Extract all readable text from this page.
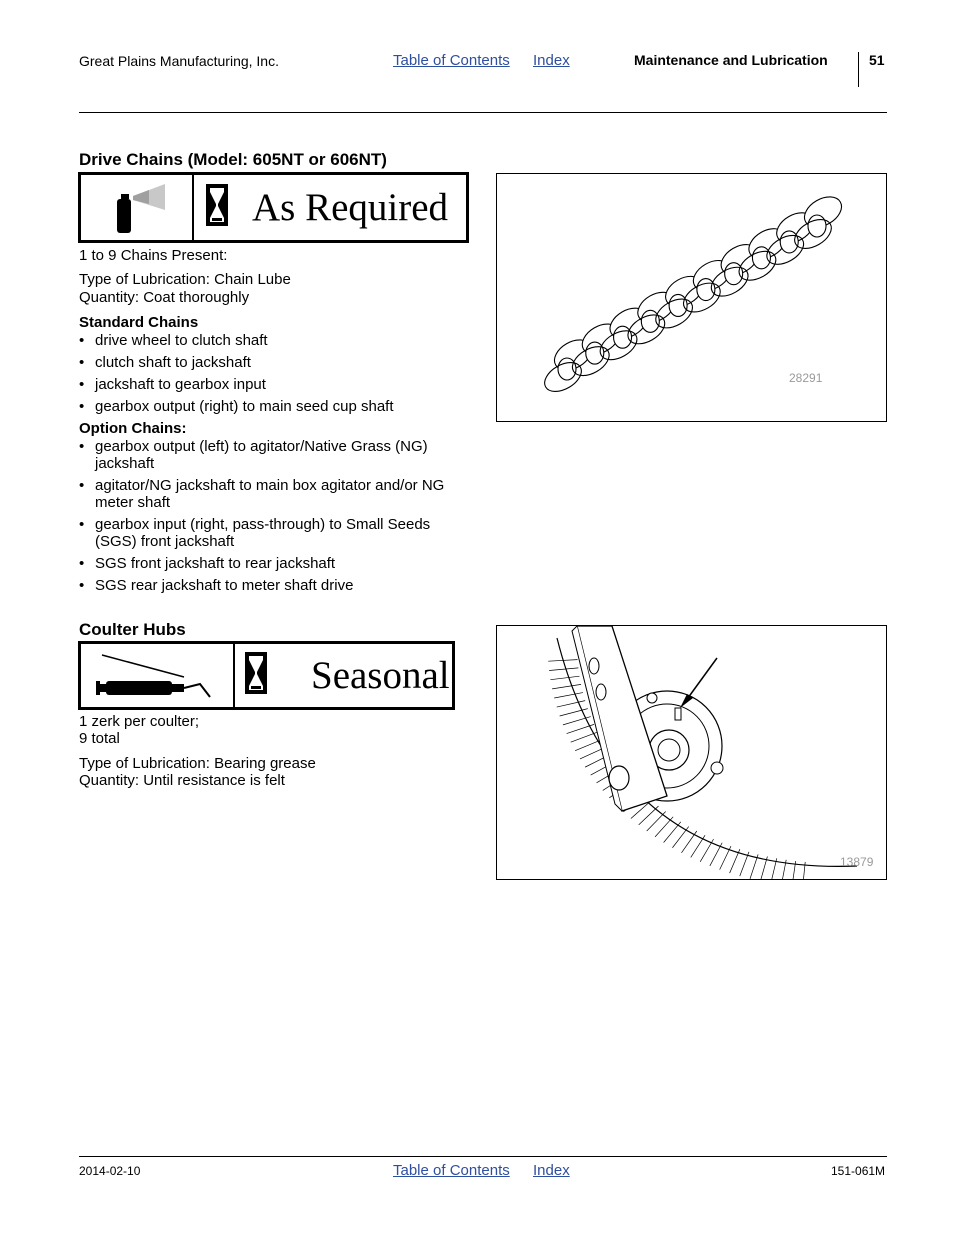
Great Plains Manufacturing, Inc.	Table of Contents Index	Maintenance and Lubrication	51
Drive Chains (Model: 605NT or 606NT)
As Required
1 to 9 Chains Present:
Type of Lubrication: Chain Lube
Quantity: Coat thoroughly
Standard Chains
• drive wheel to clutch shaft
• clutch shaft to jackshaft
• jackshaft to gearbox input
• gearbox output (right) to main seed cup shaft
Option Chains:
• gearbox output (left) to agitator/Native Grass (NG) jackshaft
• agitator/NG jackshaft to main box agitator and/or NG meter shaft
• gearbox input (right, pass-through) to Small Seeds (SGS) front jackshaft
• SGS front jackshaft to rear jackshaft
• SGS rear jackshaft to meter shaft drive
28291
Coulter Hubs
Seasonal
1 zerk per coulter;
9 total
Type of Lubrication: Bearing grease
Quantity: Until resistance is felt
13879
2014-02-10	Table of Contents Index	151-061M
